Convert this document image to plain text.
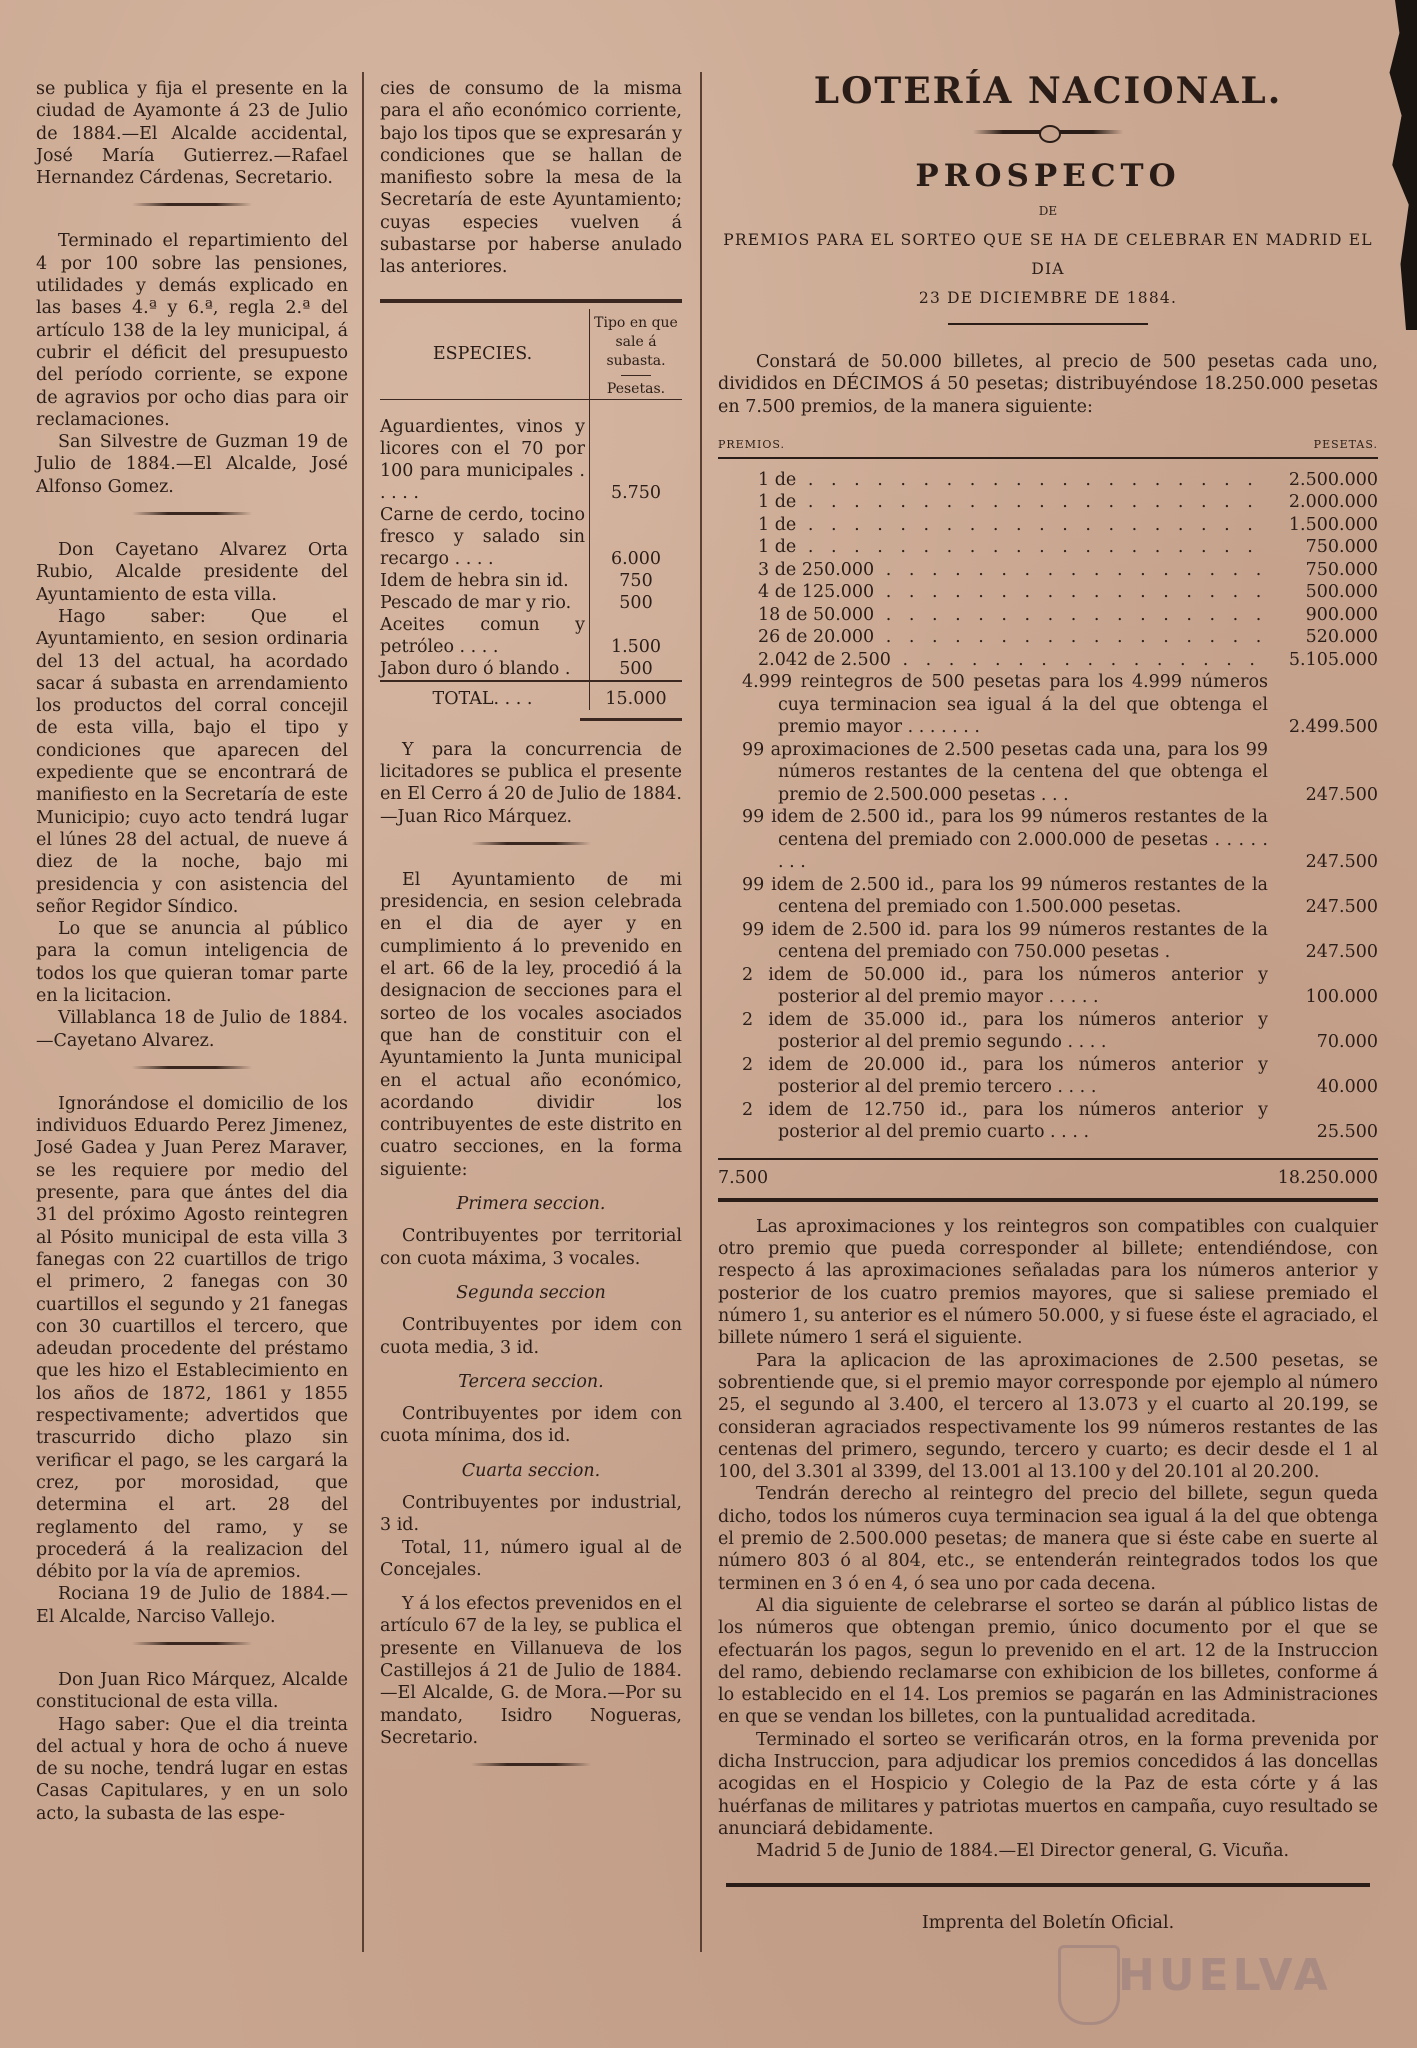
se publica y fija el presente en la ciudad de Ayamonte á 23 de Julio de 1884.—El Alcalde accidental, José María Gutierrez.—Rafael Hernandez Cárdenas, Secretario.

Terminado el repartimiento del 4 por 100 sobre las pensiones, utilidades y demás explicado en las bases 4.ª y 6.ª, regla 2.ª del artículo 138 de la ley municipal, á cubrir el déficit del presupuesto del período corriente, se expone de agravios por ocho dias para oir reclamaciones.

San Silvestre de Guzman 19 de Julio de 1884.—El Alcalde, José Alfonso Gomez.

Don Cayetano Alvarez Orta Rubio, Alcalde presidente del Ayuntamiento de esta villa.

Hago saber: Que el Ayuntamiento, en sesion ordinaria del 13 del actual, ha acordado sacar á subasta en arrendamiento los productos del corral concejil de esta villa, bajo el tipo y condiciones que aparecen del expediente que se encontrará de manifiesto en la Secretaría de este Municipio; cuyo acto tendrá lugar el lúnes 28 del actual, de nueve á diez de la noche, bajo mi presidencia y con asistencia del señor Regidor Síndico.

Lo que se anuncia al público para la comun inteligencia de todos los que quieran tomar parte en la licitacion.

Villablanca 18 de Julio de 1884.—Cayetano Alvarez.

Ignorándose el domicilio de los individuos Eduardo Perez Jimenez, José Gadea y Juan Perez Maraver, se les requiere por medio del presente, para que ántes del dia 31 del próximo Agosto reintegren al Pósito municipal de esta villa 3 fanegas con 22 cuartillos de trigo el primero, 2 fanegas con 30 cuartillos el segundo y 21 fanegas con 30 cuartillos el tercero, que adeudan procedente del préstamo que les hizo el Establecimiento en los años de 1872, 1861 y 1855 respectivamente; advertidos que trascurrido dicho plazo sin verificar el pago, se les cargará la crez, por morosidad, que determina el art. 28 del reglamento del ramo, y se procederá á la realizacion del débito por la vía de apremios.

Rociana 19 de Julio de 1884.—El Alcalde, Narciso Vallejo.

Don Juan Rico Márquez, Alcalde constitucional de esta villa.

Hago saber: Que el dia treinta del actual y hora de ocho á nueve de su noche, tendrá lugar en estas Casas Capitulares, y en un solo acto, la subasta de las espe-

cies de consumo de la misma para el año económico corriente, bajo los tipos que se expresarán y condiciones que se hallan de manifiesto sobre la mesa de la Secretaría de este Ayuntamiento; cuyas especies vuelven á subastarse por haberse anulado las anteriores.

ESPECIES.	Tipo en que sale á subasta.
Pesetas.

Aguardientes, vinos y licores con el 70 por 100 para municipales . . . . .	5.750
Carne de cerdo, tocino fresco y salado sin recargo . . . .	6.000
Idem de hebra sin id.	750
Pescado de mar y rio.	500
Aceites comun y petróleo . . . .	1.500
Jabon duro ó blando .	500
TOTAL. . . .	15.000

Y para la concurrencia de licitadores se publica el presente en El Cerro á 20 de Julio de 1884.—Juan Rico Márquez.

El Ayuntamiento de mi presidencia, en sesion celebrada en el dia de ayer y en cumplimiento á lo prevenido en el art. 66 de la ley, procedió á la designacion de secciones para el sorteo de los vocales asociados que han de constituir con el Ayuntamiento la Junta municipal en el actual año económico, acordando dividir los contribuyentes de este distrito en cuatro secciones, en la forma siguiente:

Primera seccion.

Contribuyentes por territorial con cuota máxima, 3 vocales.

Segunda seccion

Contribuyentes por idem con cuota media, 3 id.

Tercera seccion.

Contribuyentes por idem con cuota mínima, dos id.

Cuarta seccion.

Contribuyentes por industrial, 3 id.

Total, 11, número igual al de Concejales.

Y á los efectos prevenidos en el artículo 67 de la ley, se publica el presente en Villanueva de los Castillejos á 21 de Julio de 1884.—El Alcalde, G. de Mora.—Por su mandato, Isidro Nogueras, Secretario.

LOTERÍA NACIONAL.
PROSPECTO
DE

PREMIOS PARA EL SORTEO QUE SE HA DE CELEBRAR EN MADRID EL DIA

23 DE DICIEMBRE DE 1884.

Constará de 50.000 billetes, al precio de 500 pesetas cada uno, divididos en DÉCIMOS á 50 pesetas; distribuyéndose 18.250.000 pesetas en 7.500 premios, de la manera siguiente:

PREMIOS.	PESETAS.
1 de . .	2.500.000
1 de . .	2.000.000
1 de . .	1.500.000
1 de . .	750.000
3 de 250.000 . .	750.000
4 de 125.000 . .	500.000
18 de 50.000 . .	900.000
26 de 20.000 . .	520.000
2.042 de 2.500 . .	5.105.000
4.999 reintegros de 500 pesetas para los 4.999 números cuya terminacion sea igual á la del que obtenga el premio mayor . . . . . . .	2.499.500
99 aproximaciones de 2.500 pesetas cada una, para los 99 números restantes de la centena del que obtenga el premio de 2.500.000 pesetas . . .	247.500
99 idem de 2.500 id., para los 99 números restantes de la centena del premiado con 2.000.000 de pesetas . . . . . . . .	247.500
99 idem de 2.500 id., para los 99 números restantes de la centena del premiado con 1.500.000 pesetas.	247.500
99 idem de 2.500 id. para los 99 números restantes de la centena del premiado con 750.000 pesetas .	247.500
2 idem de 50.000 id., para los números anterior y posterior al del premio mayor . . . . .	100.000
2 idem de 35.000 id., para los números anterior y posterior al del premio segundo . . . .	70.000
2 idem de 20.000 id., para los números anterior y posterior al del premio tercero . . . .	40.000
2 idem de 12.750 id., para los números anterior y posterior al del premio cuarto . . . .	25.500
7.500	18.250.000

Las aproximaciones y los reintegros son compatibles con cualquier otro premio que pueda corresponder al billete; entendiéndose, con respecto á las aproximaciones señaladas para los números anterior y posterior de los cuatro premios mayores, que si saliese premiado el número 1, su anterior es el número 50.000, y si fuese éste el agraciado, el billete número 1 será el siguiente.

Para la aplicacion de las aproximaciones de 2.500 pesetas, se sobrentiende que, si el premio mayor corresponde por ejemplo al número 25, el segundo al 3.400, el tercero al 13.073 y el cuarto al 20.199, se consideran agraciados respectivamente los 99 números restantes de las centenas del primero, segundo, tercero y cuarto; es decir desde el 1 al 100, del 3.301 al 3399, del 13.001 al 13.100 y del 20.101 al 20.200.

Tendrán derecho al reintegro del precio del billete, segun queda dicho, todos los números cuya terminacion sea igual á la del que obtenga el premio de 2.500.000 pesetas; de manera que si éste cabe en suerte al número 803 ó al 804, etc., se entenderán reintegrados todos los que terminen en 3 ó en 4, ó sea uno por cada decena.

Al dia siguiente de celebrarse el sorteo se darán al público listas de los números que obtengan premio, único documento por el que se efectuarán los pagos, segun lo prevenido en el art. 12 de la Instruccion del ramo, debiendo reclamarse con exhibicion de los billetes, conforme á lo establecido en el 14. Los premios se pagarán en las Administraciones en que se vendan los billetes, con la puntualidad acreditada.

Terminado el sorteo se verificarán otros, en la forma prevenida por dicha Instruccion, para adjudicar los premios concedidos á las doncellas acogidas en el Hospicio y Colegio de la Paz de esta córte y á las huérfanas de militares y patriotas muertos en campaña, cuyo resultado se anunciará debidamente.

Madrid 5 de Junio de 1884.—El Director general, G. Vicuña.

Imprenta del Boletín Oficial.
HUELVA
